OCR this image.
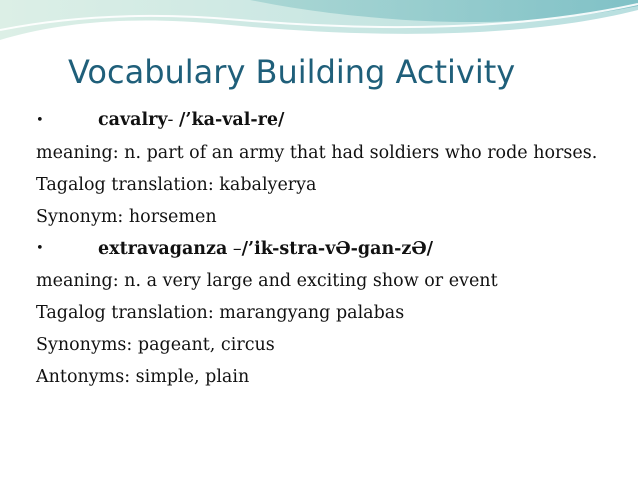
Vocabulary Building Activity
•	cavalry- /’ka-val-re/
meaning: n. part of an army that had soldiers who rode horses.
Tagalog translation: kabalyerya
Synonym: horsemen
•	extravaganza –/’ik-stra-vƏ-gan-zƏ/
meaning: n. a very large and exciting show or event
Tagalog translation: marangyang palabas
Synonyms: pageant, circus
Antonyms: simple, plain
